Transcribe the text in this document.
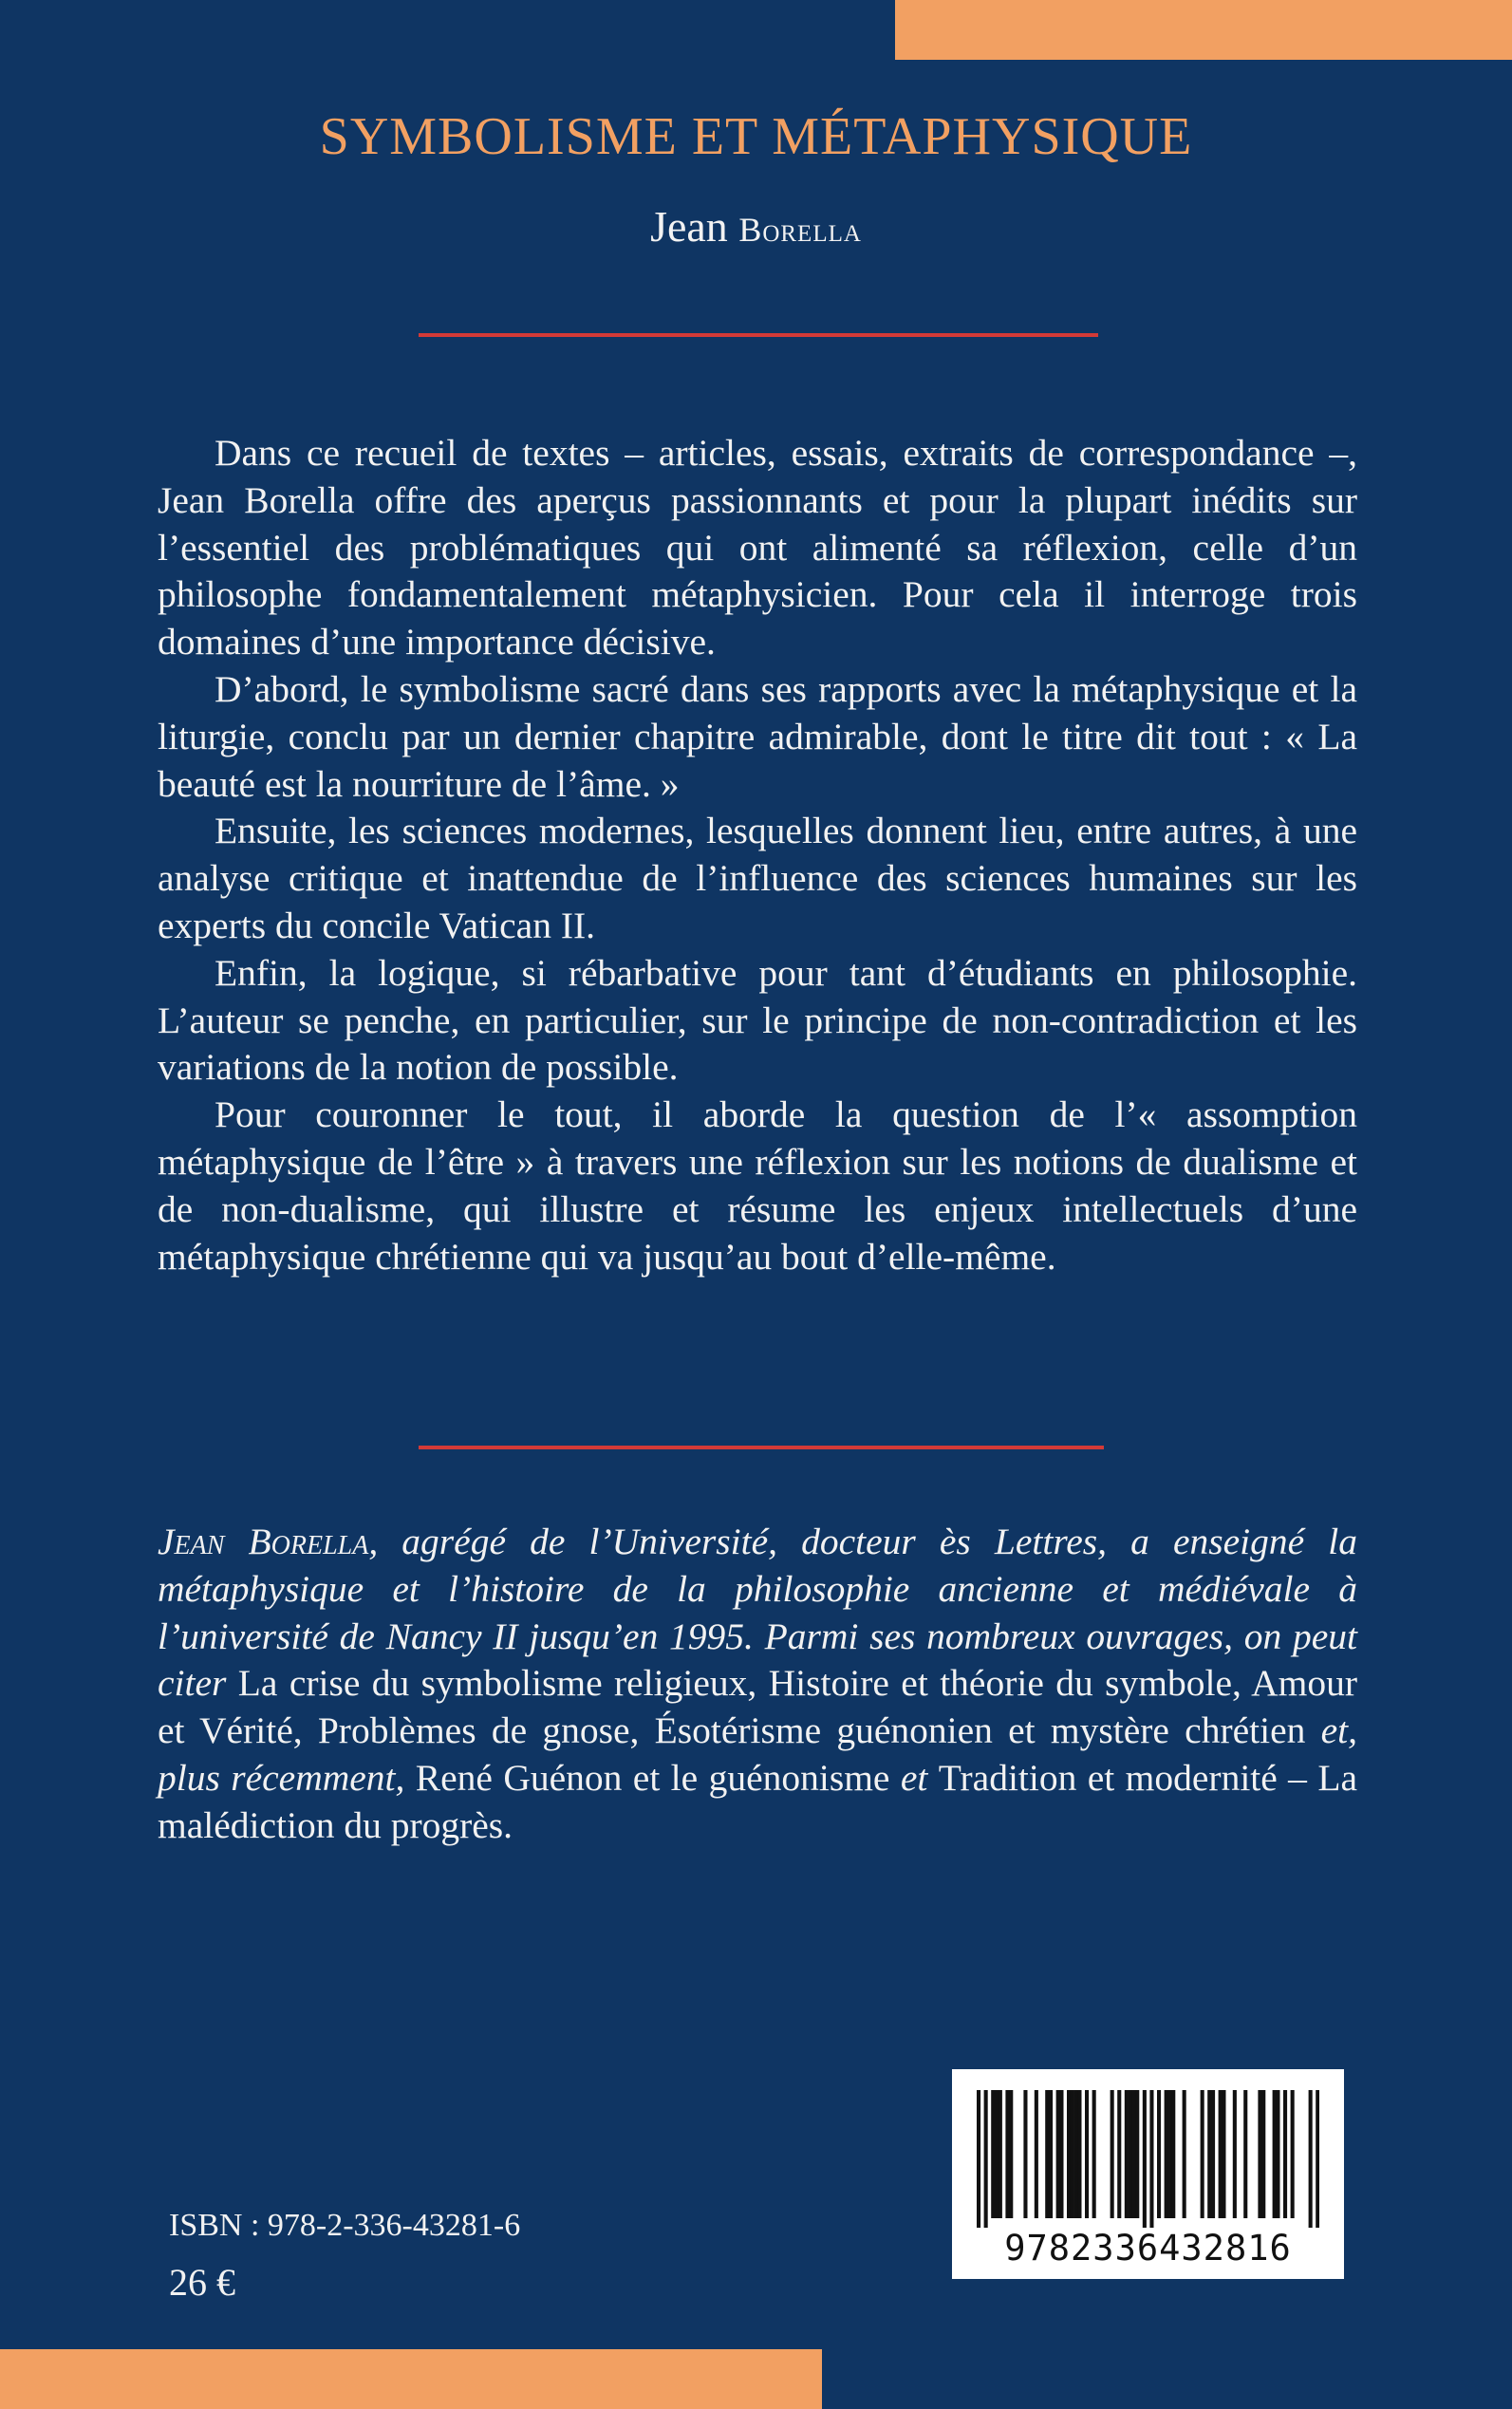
SYMBOLISME ET MÉTAPHYSIQUE
Jean Borella

Dans ce recueil de textes – articles, essais, extraits de correspondance –, Jean Borella offre des aperçus passionnants et pour la plupart inédits sur l’essentiel des problématiques qui ont alimenté sa réflexion, celle d’un philosophe fondamentalement métaphysicien. Pour cela il interroge trois domaines d’une importance décisive.

D’abord, le symbolisme sacré dans ses rapports avec la métaphysique et la liturgie, conclu par un dernier chapitre admirable, dont le titre dit tout : « La beauté est la nourriture de l’âme. »

Ensuite, les sciences modernes, lesquelles donnent lieu, entre autres, à une analyse critique et inattendue de l’influence des sciences humaines sur les experts du concile Vatican II.

Enfin, la logique, si rébarbative pour tant d’étudiants en philosophie. L’auteur se penche, en particulier, sur le principe de non-contradiction et les variations de la notion de possible.

Pour couronner le tout, il aborde la question de l’« assomption métaphysique de l’être » à travers une réflexion sur les notions de dualisme et de non-dualisme, qui illustre et résume les enjeux intellectuels d’une métaphysique chrétienne qui va jusqu’au bout d’elle-même.

Jean Borella, agrégé de l’Université, docteur ès Lettres, a enseigné la métaphysique et l’histoire de la philosophie ancienne et médiévale à l’université de Nancy II jusqu’en 1995. Parmi ses nombreux ouvrages, on peut citer La crise du symbolisme religieux, Histoire et théorie du symbole, Amour et Vérité, Problèmes de gnose, Ésotérisme guénonien et mystère chrétien et, plus récemment, René Guénon et le guénonisme et Tradition et modernité – La malédiction du progrès.

9782336432816
ISBN : 978-2-336-43281-6
26 €
